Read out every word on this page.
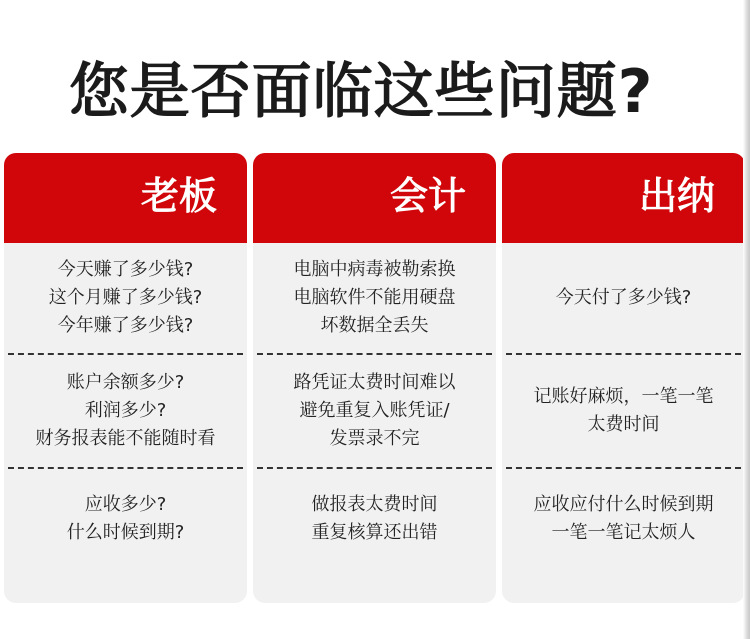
您是否面临这些问题?
老板
今天赚了多少钱?
这个月赚了多少钱?
今年赚了多少钱?
账户余额多少?
利润多少?
财务报表能不能随时看
应收多少?
什么时候到期?
会计
电脑中病毒被勒索换
电脑软件不能用硬盘
坏数据全丢失
路凭证太费时间难以
避免重复入账凭证/
发票录不完
做报表太费时间
重复核算还出错
出纳
今天付了多少钱?
记账好麻烦，一笔一笔
太费时间
应收应付什么时候到期
一笔一笔记太烦人
